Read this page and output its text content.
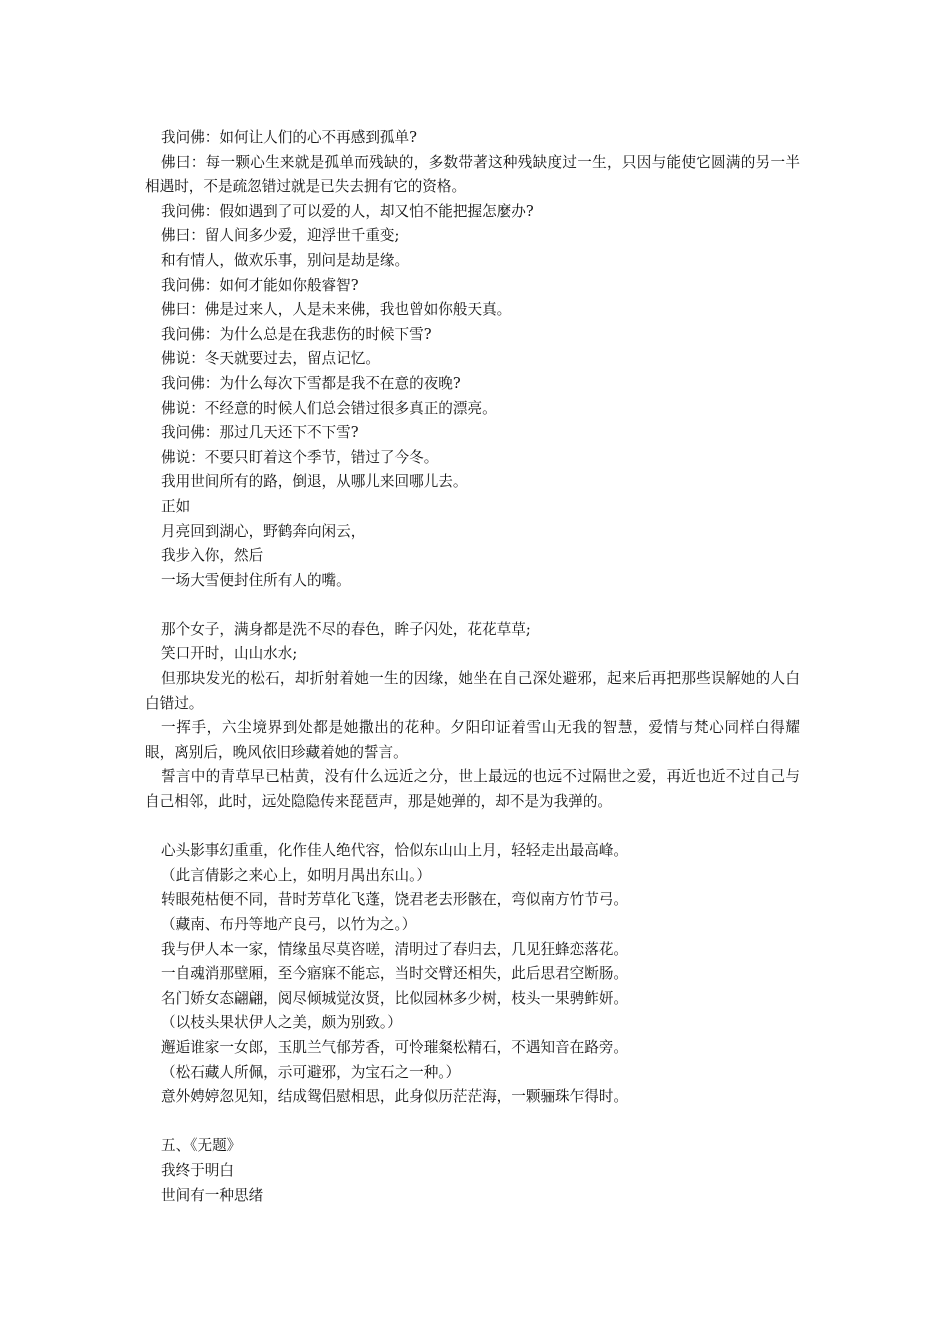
我问佛：如何让人们的心不再感到孤单?
佛曰：每一颗心生来就是孤单而残缺的，多数带著这种残缺度过一生，只因与能使它圆满的另一半相遇时，不是疏忽错过就是已失去拥有它的资格。
我问佛：假如遇到了可以爱的人，却又怕不能把握怎麼办?
佛曰：留人间多少爱，迎浮世千重变;
和有情人，做欢乐事，别问是劫是缘。
我问佛：如何才能如你般睿智?
佛曰：佛是过来人，人是未来佛，我也曾如你般天真。
我问佛：为什么总是在我悲伤的时候下雪?
佛说：冬天就要过去，留点记忆。
我问佛：为什么每次下雪都是我不在意的夜晚?
佛说：不经意的时候人们总会错过很多真正的漂亮。
我问佛：那过几天还下不下雪?
佛说：不要只盯着这个季节，错过了今冬。
我用世间所有的路，倒退，从哪儿来回哪儿去。
正如
月亮回到湖心，野鹤奔向闲云，
我步入你，然后
一场大雪便封住所有人的嘴。
那个女子，满身都是洗不尽的春色，眸子闪处，花花草草;
笑口开时，山山水水;
但那块发光的松石，却折射着她一生的因缘，她坐在自己深处避邪，起来后再把那些误解她的人白白错过。
一挥手，六尘境界到处都是她撒出的花种。夕阳印证着雪山无我的智慧，爱情与梵心同样白得耀眼，离别后，晚风依旧珍藏着她的誓言。
誓言中的青草早已枯黄，没有什么远近之分，世上最远的也远不过隔世之爱，再近也近不过自己与自己相邻，此时，远处隐隐传来琵琶声，那是她弹的，却不是为我弹的。
心头影事幻重重，化作佳人绝代容，恰似东山山上月，轻轻走出最高峰。
（此言倩影之来心上，如明月禺出东山。）
转眼苑枯便不同，昔时芳草化飞蓬，饶君老去形骸在，弯似南方竹节弓。
（藏南、布丹等地产良弓，以竹为之。）
我与伊人本一家，情缘虽尽莫咨嗟，清明过了春归去，几见狂蜂恋落花。
一自魂消那壁厢，至今寤寐不能忘，当时交臂还相失，此后思君空断肠。
名门娇女态翩翩，阅尽倾城觉汝贤，比似园林多少树，枝头一果骋鲊妍。
（以枝头果状伊人之美，颇为别致。）
邂逅谁家一女郎，玉肌兰气郁芳香，可怜璀粲松精石，不遇知音在路旁。
（松石藏人所佩，示可避邪，为宝石之一种。）
意外娉婷忽见知，结成鸳侣慰相思，此身似历茫茫海，一颗骊珠乍得时。
五、《无题》
我终于明白
世间有一种思绪
